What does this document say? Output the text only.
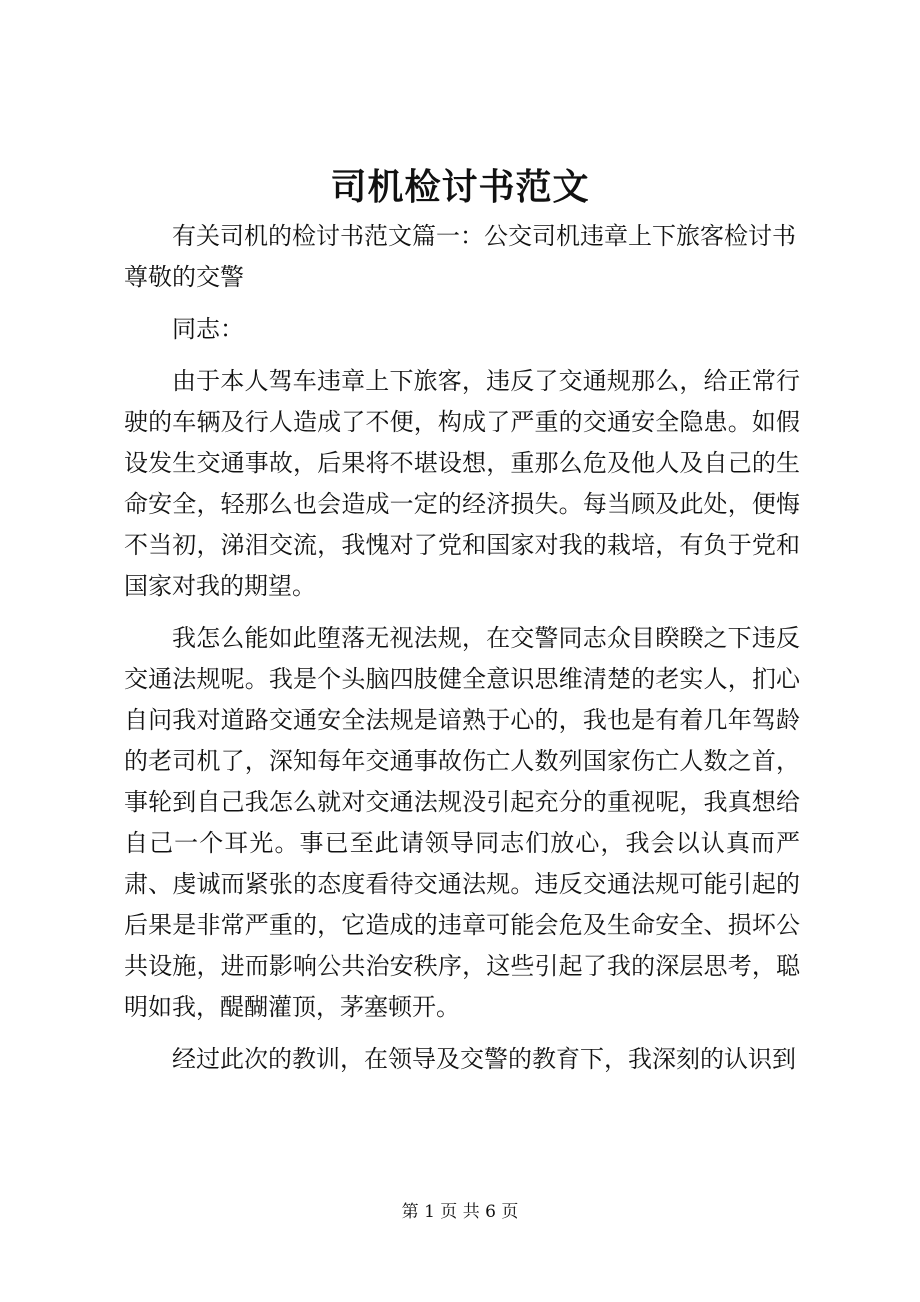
司机检讨书范文

有关司机的检讨书范文篇一：公交司机违章上下旅客检讨书

尊敬的交警

同志：

由于本人驾车违章上下旅客，违反了交通规那么，给正常行驶的车辆及行人造成了不便，构成了严重的交通安全隐患。如假设发生交通事故，后果将不堪设想，重那么危及他人及自己的生命安全，轻那么也会造成一定的经济损失。每当顾及此处，便悔不当初，涕泪交流，我愧对了党和国家对我的栽培，有负于党和国家对我的期望。

我怎么能如此堕落无视法规，在交警同志众目睽睽之下违反交通法规呢。我是个头脑四肢健全意识思维清楚的老实人，扪心自问我对道路交通安全法规是谙熟于心的，我也是有着几年驾龄的老司机了，深知每年交通事故伤亡人数列国家伤亡人数之首，事轮到自己我怎么就对交通法规没引起充分的重视呢，我真想给自己一个耳光。事已至此请领导同志们放心，我会以认真而严肃、虔诚而紧张的态度看待交通法规。违反交通法规可能引起的后果是非常严重的，它造成的违章可能会危及生命安全、损坏公共设施，进而影响公共治安秩序，这些引起了我的深层思考，聪明如我，醍醐灌顶，茅塞顿开。

经过此次的教训，在领导及交警的教育下，我深刻的认识到

第 1 页 共 6 页
